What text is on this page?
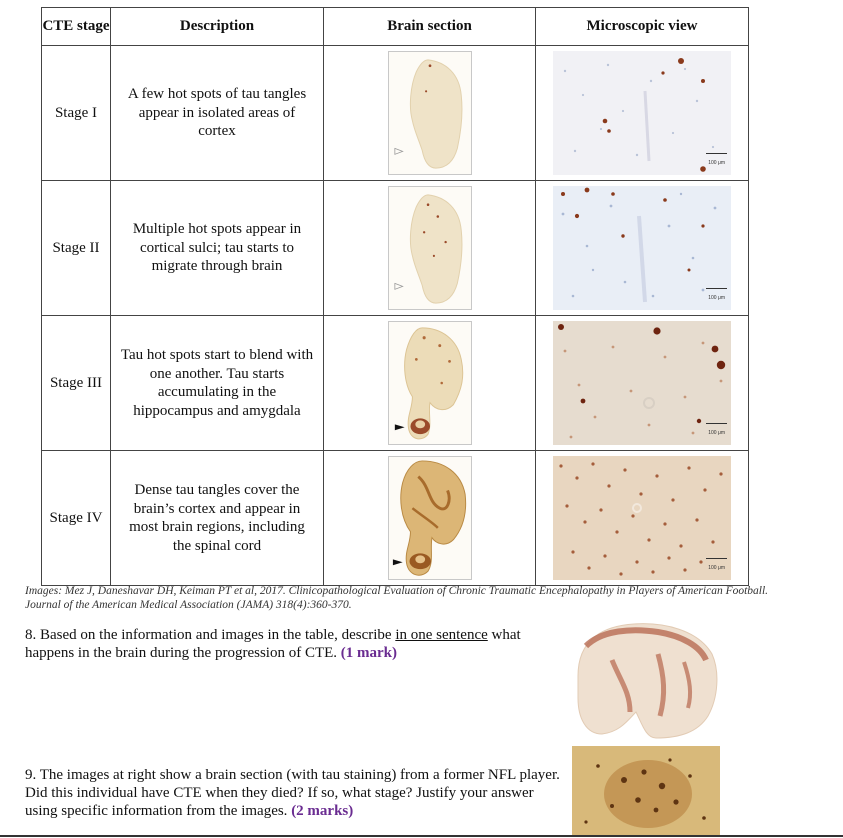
CTE stage	Description	Brain section	Microscopic view
Stage I	A few hot spots of tau tangles appear in isolated areas of cortex		100 μm

Stage II	Multiple hot spots appear in cortical sulci; tau starts to migrate through brain		100 μm

Stage III	Tau hot spots start to blend with one another. Tau starts accumulating in the hippocampus and amygdala		100 μm

Stage IV	Dense tau tangles cover the brain’s cortex and appear in most brain regions, including the spinal cord		100 μm
Images: Mez J, Daneshavar DH, Keiman PT et al, 2017. Clinicopathological Evaluation of Chronic Traumatic Encephalopathy in Players of American Football. Journal of the American Medical Association (JAMA) 318(4):360-370.
8. Based on the information and images in the table, describe in one sentence what happens in the brain during the progression of CTE. (1 mark)
9. The images at right show a brain section (with tau staining) from a former NFL player. Did this individual have CTE when they died? If so, what stage? Justify your answer using specific information from the images. (2 marks)
